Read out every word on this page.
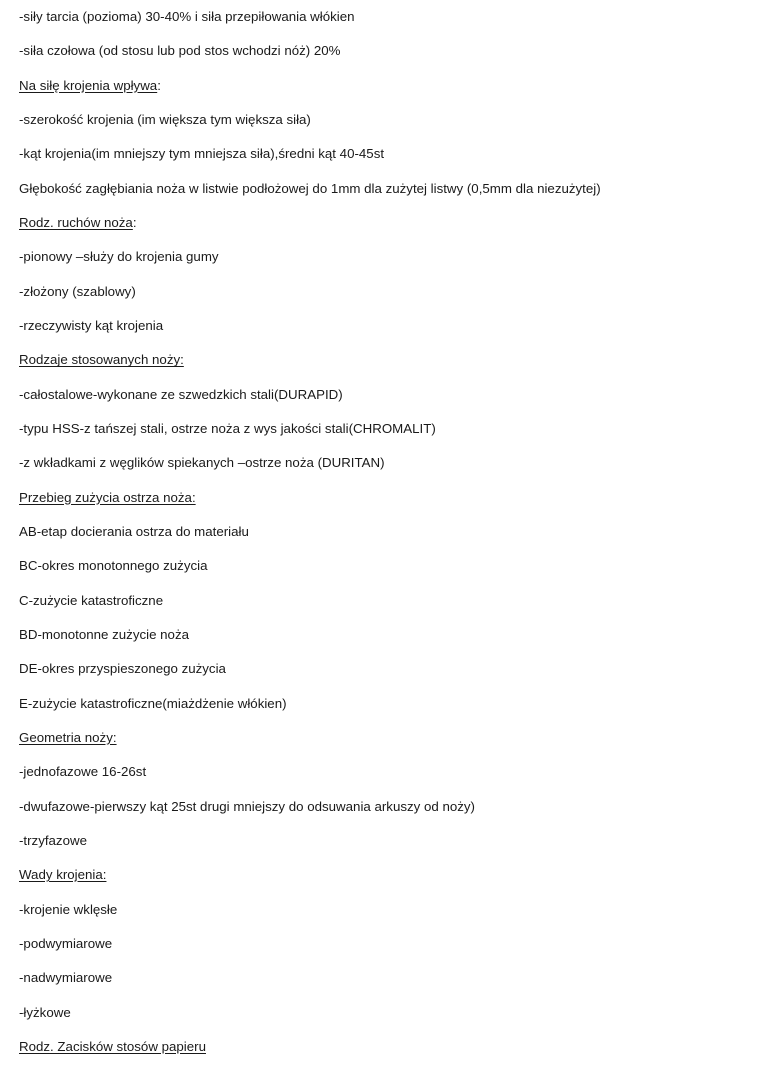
-siły tarcia (pozioma) 30-40% i siła przepiłowania włókien
-siła czołowa (od stosu lub pod stos wchodzi nóż) 20%
Na siłę krojenia wpływa:
-szerokość krojenia (im większa tym większa siła)
-kąt krojenia(im mniejszy tym mniejsza siła),średni kąt 40-45st
Głębokość zagłębiania noża w listwie podłożowej do 1mm dla zużytej listwy (0,5mm dla niezużytej)
Rodz. ruchów noża:
-pionowy –służy do krojenia gumy
-złożony (szablowy)
-rzeczywisty kąt krojenia
Rodzaje stosowanych noży:
-całostalowe-wykonane ze szwedzkich stali(DURAPID)
-typu HSS-z tańszej stali, ostrze noża z wys jakości stali(CHROMALIT)
-z wkładkami z węglików spiekanych –ostrze noża (DURITAN)
Przebieg zużycia ostrza noża:
AB-etap docierania ostrza do materiału
BC-okres monotonnego zużycia
C-zużycie katastroficzne
BD-monotonne zużycie noża
DE-okres przyspieszonego zużycia
E-zużycie katastroficzne(miażdżenie włókien)
Geometria noży:
-jednofazowe 16-26st
-dwufazowe-pierwszy kąt 25st drugi mniejszy do odsuwania arkuszy od noży)
-trzyfazowe
Wady krojenia:
-krojenie wklęsłe
-podwymiarowe
-nadwymiarowe
-łyżkowe
Rodz. Zacisków stosów papieru
